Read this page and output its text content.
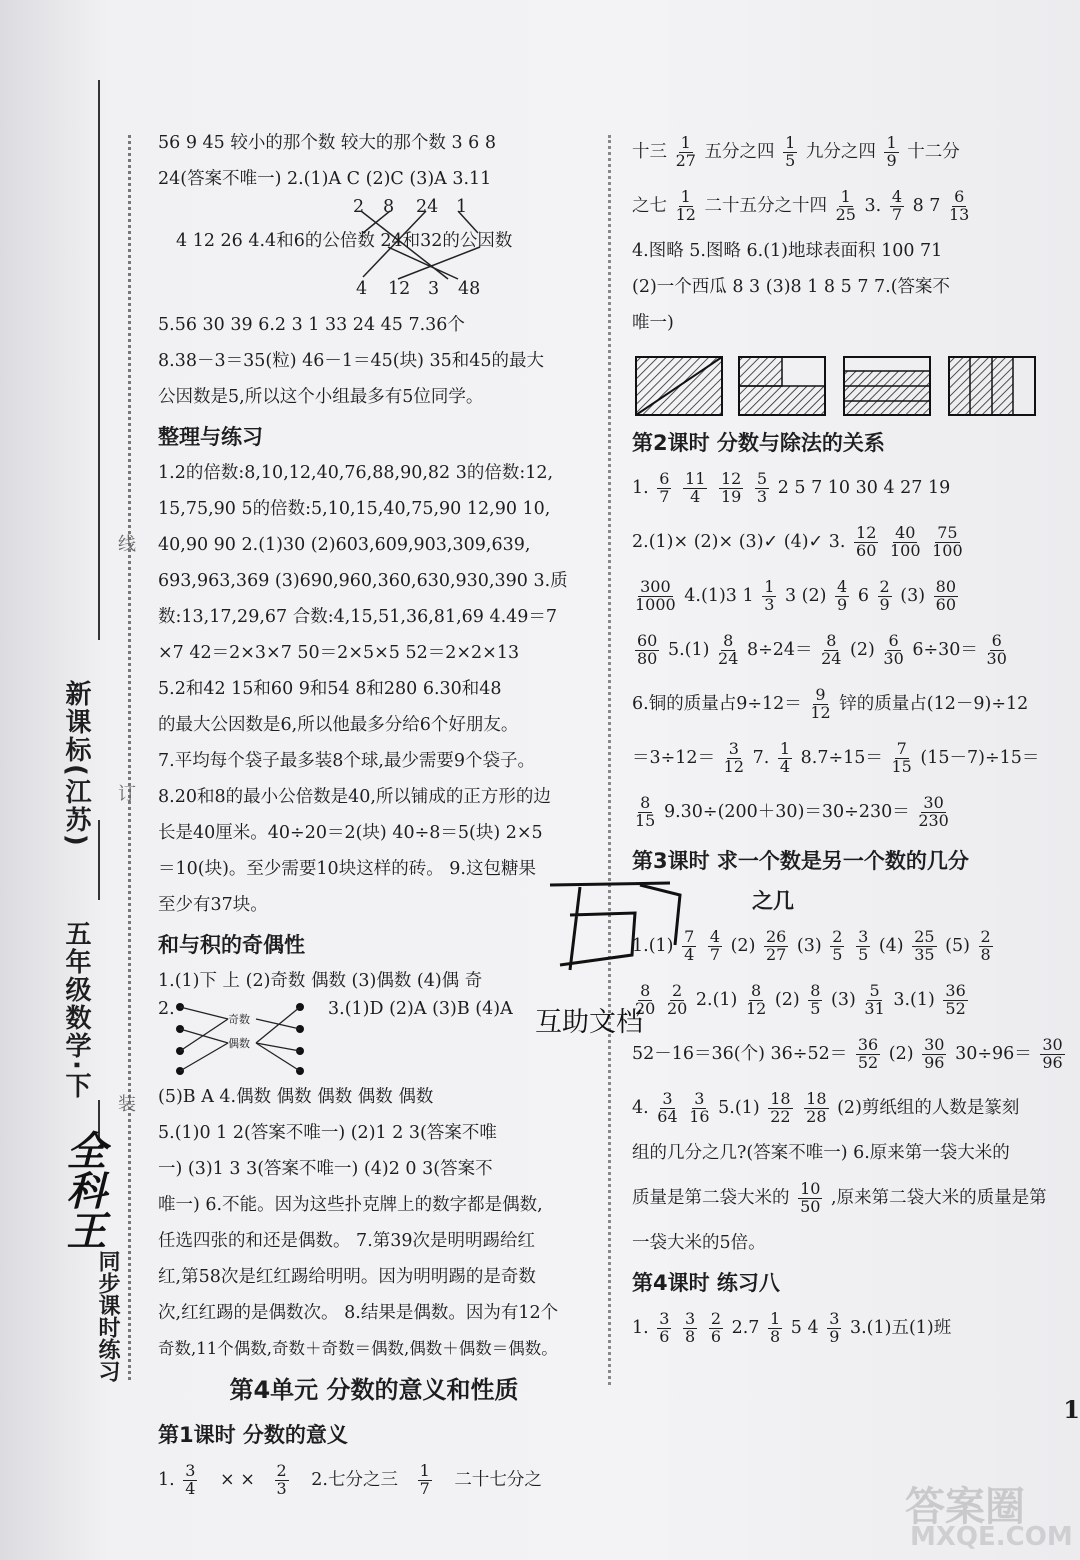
新课标(江苏)
五年级数学·下
全科王
同步课时练习
线
订
装
56 9 45 较小的那个数 较大的那个数 3 6 8
24(答案不唯一) 2.(1)A C (2)C (3)A 3.11
2 8 24 1
4 12 26 4.4和6的公倍数 24和32的公因数
4 12 3 48
5.56 30 39 6.2 3 1 33 24 45 7.36个
8.38－3＝35(粒) 46－1＝45(块) 35和45的最大
公因数是5,所以这个小组最多有5位同学。
整理与练习
1.2的倍数:8,10,12,40,76,88,90,82 3的倍数:12,
15,75,90 5的倍数:5,10,15,40,75,90 12,90 10,
40,90 90 2.(1)30 (2)603,609,903,309,639,
693,963,369 (3)690,960,360,630,930,390 3.质
数:13,17,29,67 合数:4,15,51,36,81,69 4.49＝7
×7 42＝2×3×7 50＝2×5×5 52＝2×2×13
5.2和42 15和60 9和54 8和280 6.30和48
的最大公因数是6,所以他最多分给6个好朋友。
7.平均每个袋子最多装8个球,最少需要9个袋子。
8.20和8的最小公倍数是40,所以铺成的正方形的边
长是40厘米。40÷20＝2(块) 40÷8＝5(块) 2×5
＝10(块)。至少需要10块这样的砖。 9.这包糖果
至少有37块。
和与积的奇偶性
1.(1)下 上 (2)奇数 偶数 (3)偶数 (4)偶 奇
2.
奇数
偶数
3.(1)D (2)A (3)B (4)A
(5)B A 4.偶数 偶数 偶数 偶数 偶数
5.(1)0 1 2(答案不唯一) (2)1 2 3(答案不唯
一) (3)1 3 3(答案不唯一) (4)2 0 3(答案不
唯一) 6.不能。因为这些扑克牌上的数字都是偶数,
任选四张的和还是偶数。 7.第39次是明明踢给红
红,第58次是红红踢给明明。因为明明踢的是奇数
次,红红踢的是偶数次。 8.结果是偶数。因为有12个
奇数,11个偶数,奇数＋奇数＝偶数,偶数＋偶数＝偶数。
第4单元 分数的意义和性质
第1课时 分数的意义
1. $\frac{3}{4}$ × × $\frac{2}{3} 2$.七分之三 $\frac{1}{7}$ 二十七分之
十三 $\frac{1}{27}$ 五分之四 $\frac{1}{5}$ 九分之四 $\frac{1}{9}$ 十二分
之七 $\frac{1}{12}$ 二十五分之十四 $\frac{1}{25} 3$. $\frac{4}{7} 8$ $7 \frac{6}{13}$
4.图略 5.图略 6.(1)地球表面积 100 71
(2)一个西瓜 8 3 (3)8 1 8 5 7 7.(答案不
唯一)
第2课时 分数与除法的关系
1. $\frac{6}{7}$
$\frac{11}{4}$
$\frac{12}{19}$
$\frac{5}{3} 2$ 5 7 10 30 4 27 19
2.(1)× (2)× (3)✓ (4)✓ 3. $\frac{12}{60}$
$\frac{40}{100}$
$\frac{75}{100}$
$\frac{300}{1000} 4.(1)3$ $1 \frac{1}{3} 3$ $(2) \frac{4}{9} 6 \frac{2}{9} (3) \frac{80}{60}$
$\frac{60}{80} 5.(1) \frac{8}{24} 8\div 24= \frac{8}{24} (2) \frac{6}{30} 6\div 30= \frac{6}{30}$
6.铜的质量占$9\div 12= \frac{9}{12}$ 锌的质量占(12－9)÷12
$=3\div 12= \frac{3}{12} 7$. $\frac{1}{4} 8.7\div 15= \frac{7}{15} (15-7)\div 15=$
$\frac{8}{15} 9.30\div(200+30)=30\div 230= \frac{30}{230}$
第3课时 求一个数是另一个数的几分
之几
$1.(1) \frac{7}{4}$
$\frac{4}{7} (2) \frac{26}{27} (3) \frac{2}{5}$
$\frac{3}{5} (4) \frac{25}{35} (5) \frac{2}{8}$
$\frac{8}{20}$
$\frac{2}{20} 2.(1) \frac{8}{12} (2) \frac{8}{5} (3) \frac{5}{31} 3.(1) \frac{36}{52}$
52－16＝36(个) $36\div 52= \frac{36}{52} (2) \frac{30}{96} 30\div 96= \frac{30}{96}$
4. $\frac{3}{64}$
$\frac{3}{16} 5.(1) \frac{18}{22}$
$\frac{18}{28} (2)$剪纸组的人数是篆刻
组的几分之几?(答案不唯一) 6.原来第一袋大米的
质量是第二袋大米的 $\frac{10}{50}$ ,原来第二袋大米的质量是第
一袋大米的5倍。
第4课时 练习八
1. $\frac{3}{6}$
$\frac{3}{8}$
$\frac{2}{6} 2.7 \frac{1}{8} 5$ $4 \frac{3}{9} 3.(1)$五(1)班
互助文档
1
答案圈
MXQE.COM
